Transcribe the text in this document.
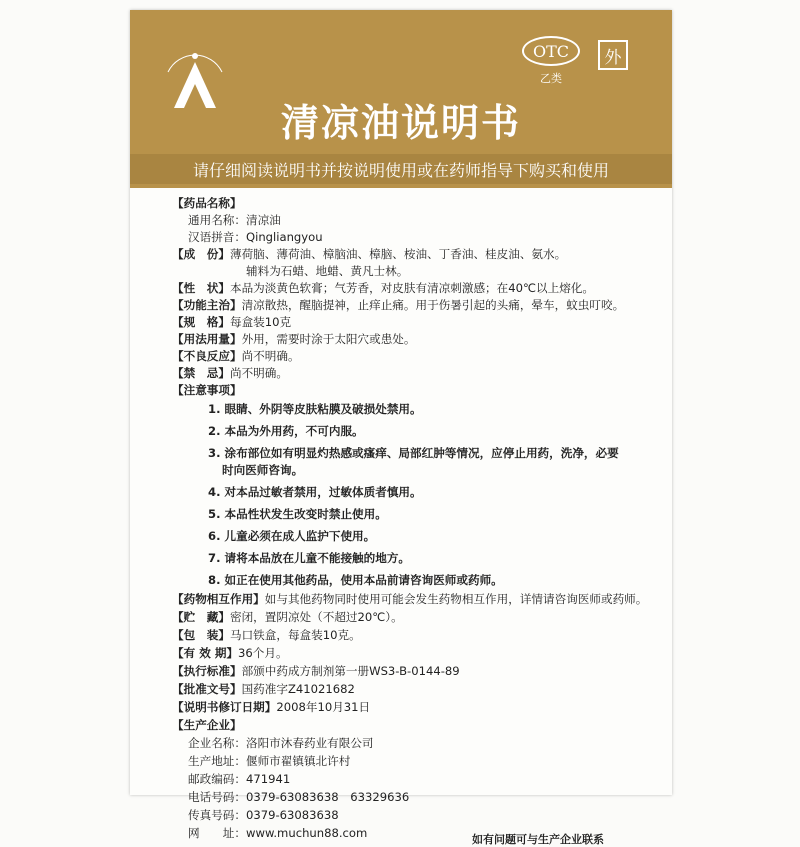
OTC
乙类
外
清凉油说明书
请仔细阅读说明书并按说明使用或在药师指导下购买和使用
【药品名称】
通用名称：清凉油
汉语拼音：Qingliangyou
【成　份】薄荷脑、薄荷油、樟脑油、樟脑、桉油、丁香油、桂皮油、氨水。
辅料为石蜡、地蜡、黄凡士林。
【性　状】本品为淡黄色软膏；气芳香，对皮肤有清凉刺激感；在40℃以上熔化。
【功能主治】清凉散热，醒脑提神，止痒止痛。用于伤暑引起的头痛，晕车，蚊虫叮咬。
【规　格】每盒装10克
【用法用量】外用，需要时涂于太阳穴或患处。
【不良反应】尚不明确。
【禁　忌】尚不明确。
【注意事项】
1. 眼睛、外阴等皮肤粘膜及破损处禁用。
2. 本品为外用药，不可内服。
3. 涂布部位如有明显灼热感或瘙痒、局部红肿等情况，应停止用药，洗净，必要
时向医师咨询。
4. 对本品过敏者禁用，过敏体质者慎用。
5. 本品性状发生改变时禁止使用。
6. 儿童必须在成人监护下使用。
7. 请将本品放在儿童不能接触的地方。
8. 如正在使用其他药品，使用本品前请咨询医师或药师。
【药物相互作用】如与其他药物同时使用可能会发生药物相互作用，详情请咨询医师或药师。
【贮　藏】密闭，置阴凉处（不超过20℃）。
【包　装】马口铁盒，每盒装10克。
【有 效 期】36个月。
【执行标准】部颁中药成方制剂第一册WS3-B-0144-89
【批准文号】国药准字Z41021682
【说明书修订日期】2008年10月31日
【生产企业】
企业名称：洛阳市沐春药业有限公司
生产地址：偃师市翟镇镇北许村
邮政编码：471941
电话号码：0379-63083638　63329636
传真号码：0379-63083638
网　　址：www.muchun88.com	如有问题可与生产企业联系
